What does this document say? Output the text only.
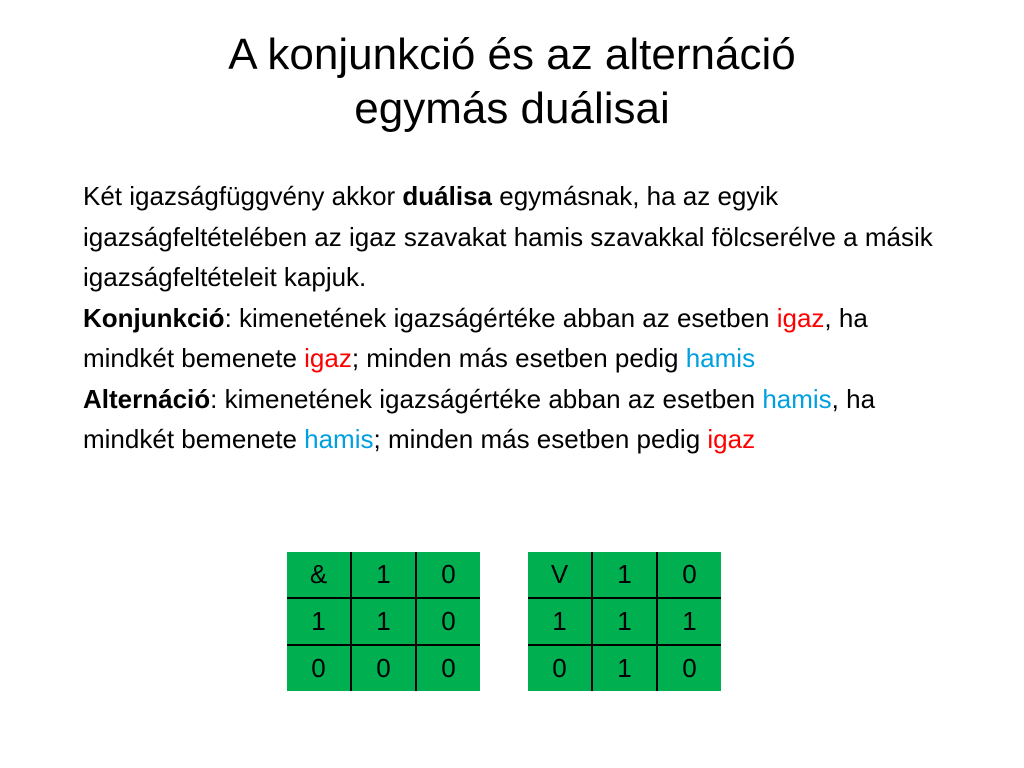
A konjunkció és az alternáció
egymás duálisai

Két igazságfüggvény akkor duálisa egymásnak, ha az egyik igazságfeltételében az igaz szavakat hamis szavakkal fölcserélve a másik igazságfeltételeit kapjuk.

Konjunkció: kimenetének igazságértéke abban az esetben igaz, ha mindkét bemenete igaz; minden más esetben pedig hamis

Alternáció: kimenetének igazságértéke abban az esetben hamis, ha mindkét bemenete hamis; minden más esetben pedig igaz

&	1	0
1	1	0
0	0	0
V	1	0
1	1	1
0	1	0
